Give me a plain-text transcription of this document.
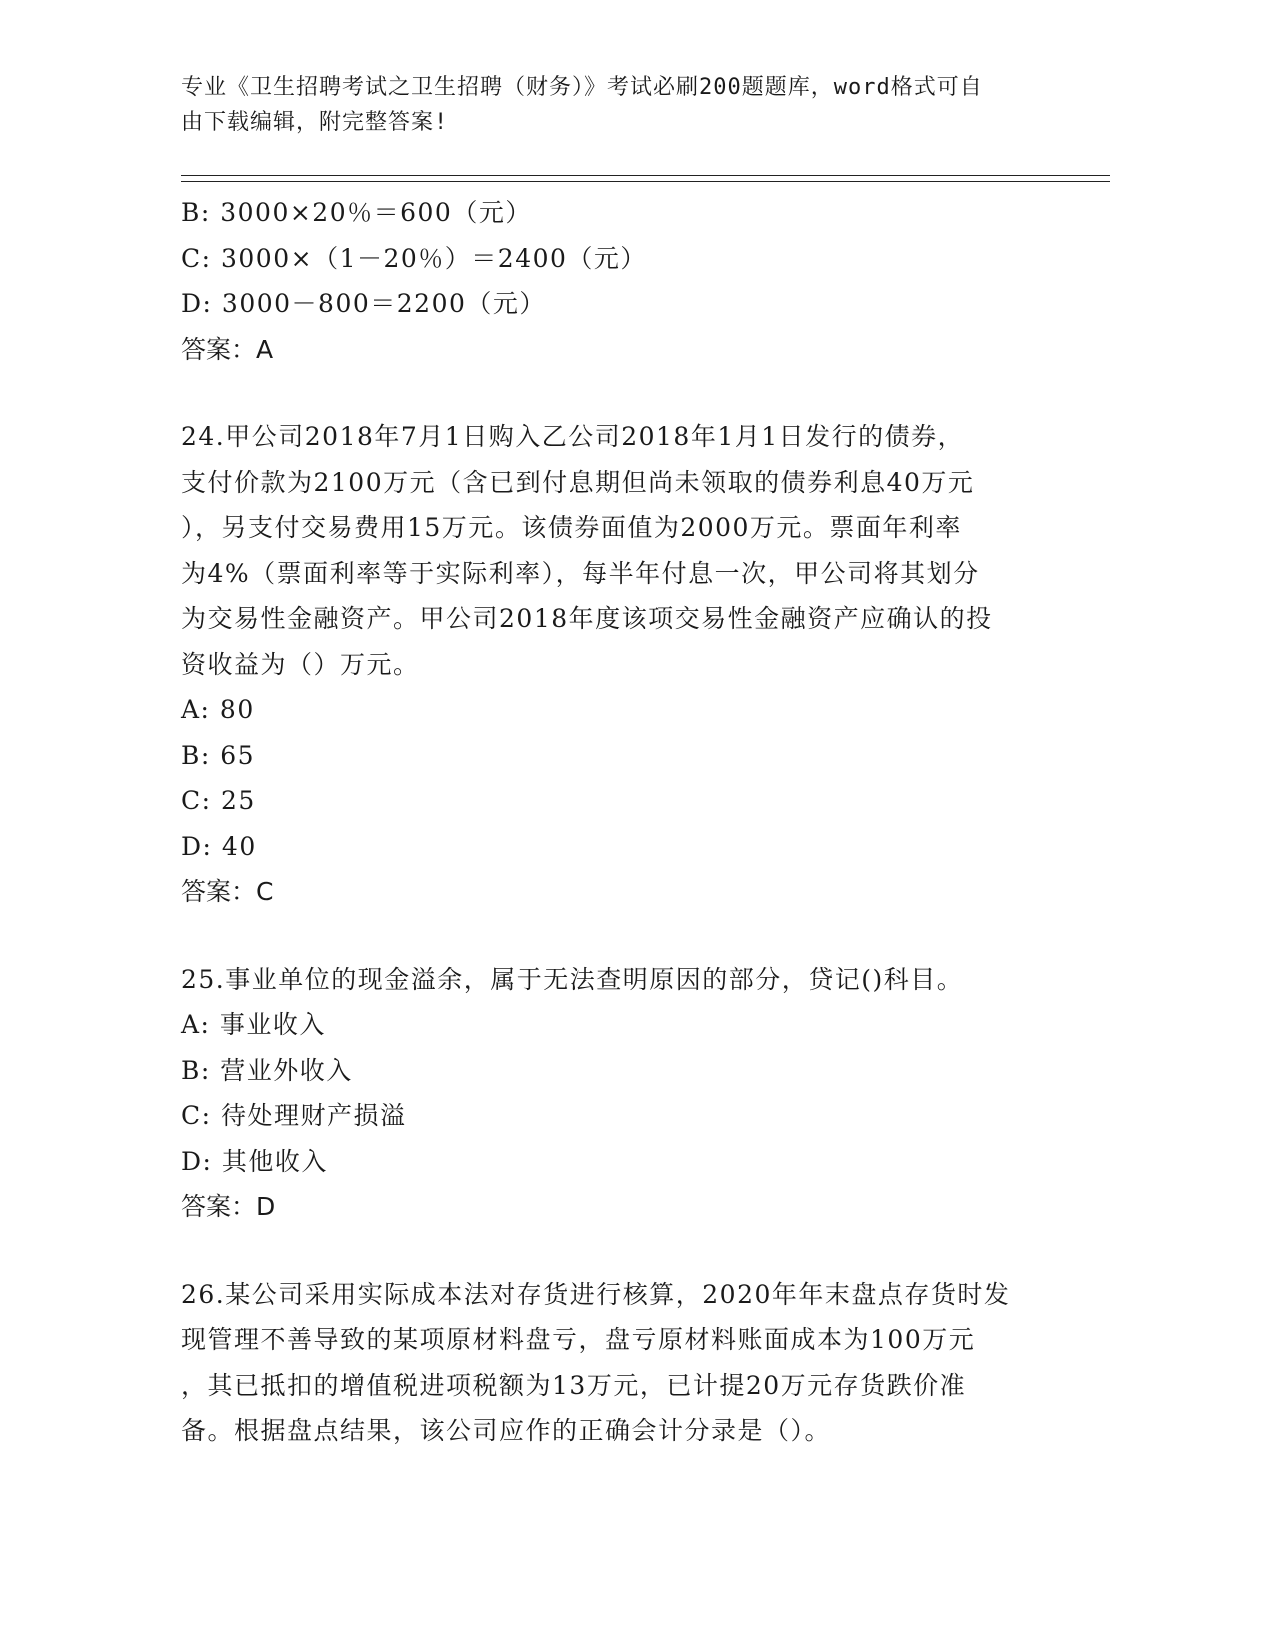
专业《卫生招聘考试之卫生招聘（财务）》考试必刷200题题库，word格式可自
由下载编辑，附完整答案!
B: 3000×20％＝600（元）
C: 3000×（1－20％）＝2400（元）
D: 3000－800＝2200（元）
答案：A
24.甲公司2018年7月1日购入乙公司2018年1月1日发行的债券，
支付价款为2100万元（含已到付息期但尚未领取的债券利息40万元
），另支付交易费用15万元。该债券面值为2000万元。票面年利率
为4%（票面利率等于实际利率），每半年付息一次，甲公司将其划分
为交易性金融资产。甲公司2018年度该项交易性金融资产应确认的投
资收益为（）万元。
A: 80
B: 65
C: 25
D: 40
答案：C
25.事业单位的现金溢余，属于无法查明原因的部分，贷记()科目。
A: 事业收入
B: 营业外收入
C: 待处理财产损溢
D: 其他收入
答案：D
26.某公司采用实际成本法对存货进行核算，2020年年末盘点存货时发
现管理不善导致的某项原材料盘亏，盘亏原材料账面成本为100万元
，其已抵扣的增值税进项税额为13万元，已计提20万元存货跌价准
备。根据盘点结果，该公司应作的正确会计分录是（）。
